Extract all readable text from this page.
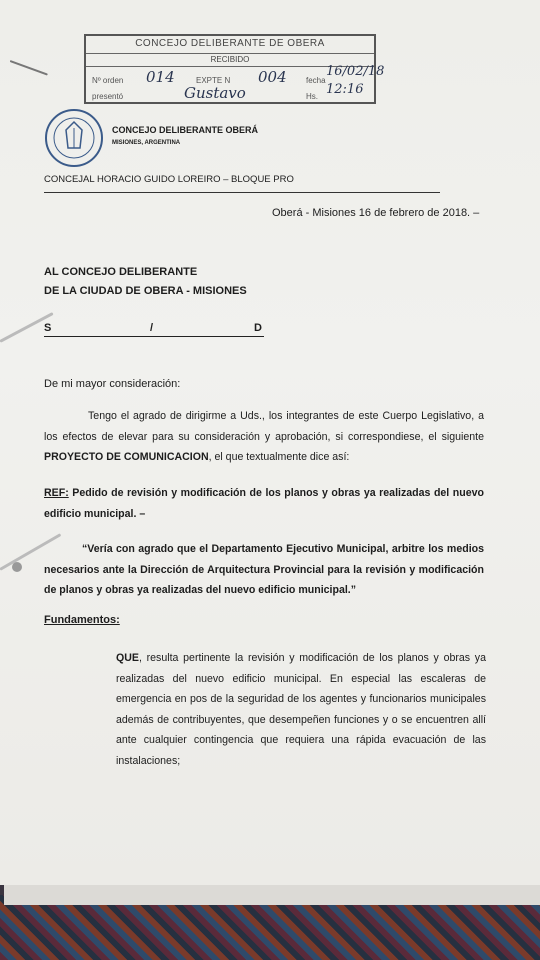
CONCEJO DELIBERANTE DE OBERA
RECIBIDO
Nº orden 014	EXPTE N 004 fecha
16/02/18
presentó	Gustavo	Hs. 12:16
CONCEJO DELIBERANTE OBERÁ
MISIONES, ARGENTINA
CONCEJAL HORACIO GUIDO LOREIRO – BLOQUE PRO
Oberá - Misiones 16 de febrero de 2018. –
AL CONCEJO DELIBERANTE
DE LA CIUDAD DE OBERA - MISIONES
S	/	D
De mi mayor consideración:

Tengo el agrado de dirigirme a Uds., los integrantes de este Cuerpo Legislativo, a los efectos de elevar para su consideración y aprobación, si correspondiese, el siguiente PROYECTO DE COMUNICACION, el que textualmente dice así:

REF: Pedido de revisión y modificación de los planos y obras ya realizadas del nuevo edificio municipal. –

“Vería con agrado que el Departamento Ejecutivo Municipal, arbitre los medios necesarios ante la Dirección de Arquitectura Provincial para la revisión y modificación de planos y obras ya realizadas del nuevo edificio municipal.”

Fundamentos:

QUE, resulta pertinente la revisión y modificación de los planos y obras ya realizadas del nuevo edificio municipal. En especial las escaleras de emergencia en pos de la seguridad de los agentes y funcionarios municipales además de contribuyentes, que desempeñen funciones y o se encuentren allí ante cualquier contingencia que requiera una rápida evacuación de las instalaciones;
